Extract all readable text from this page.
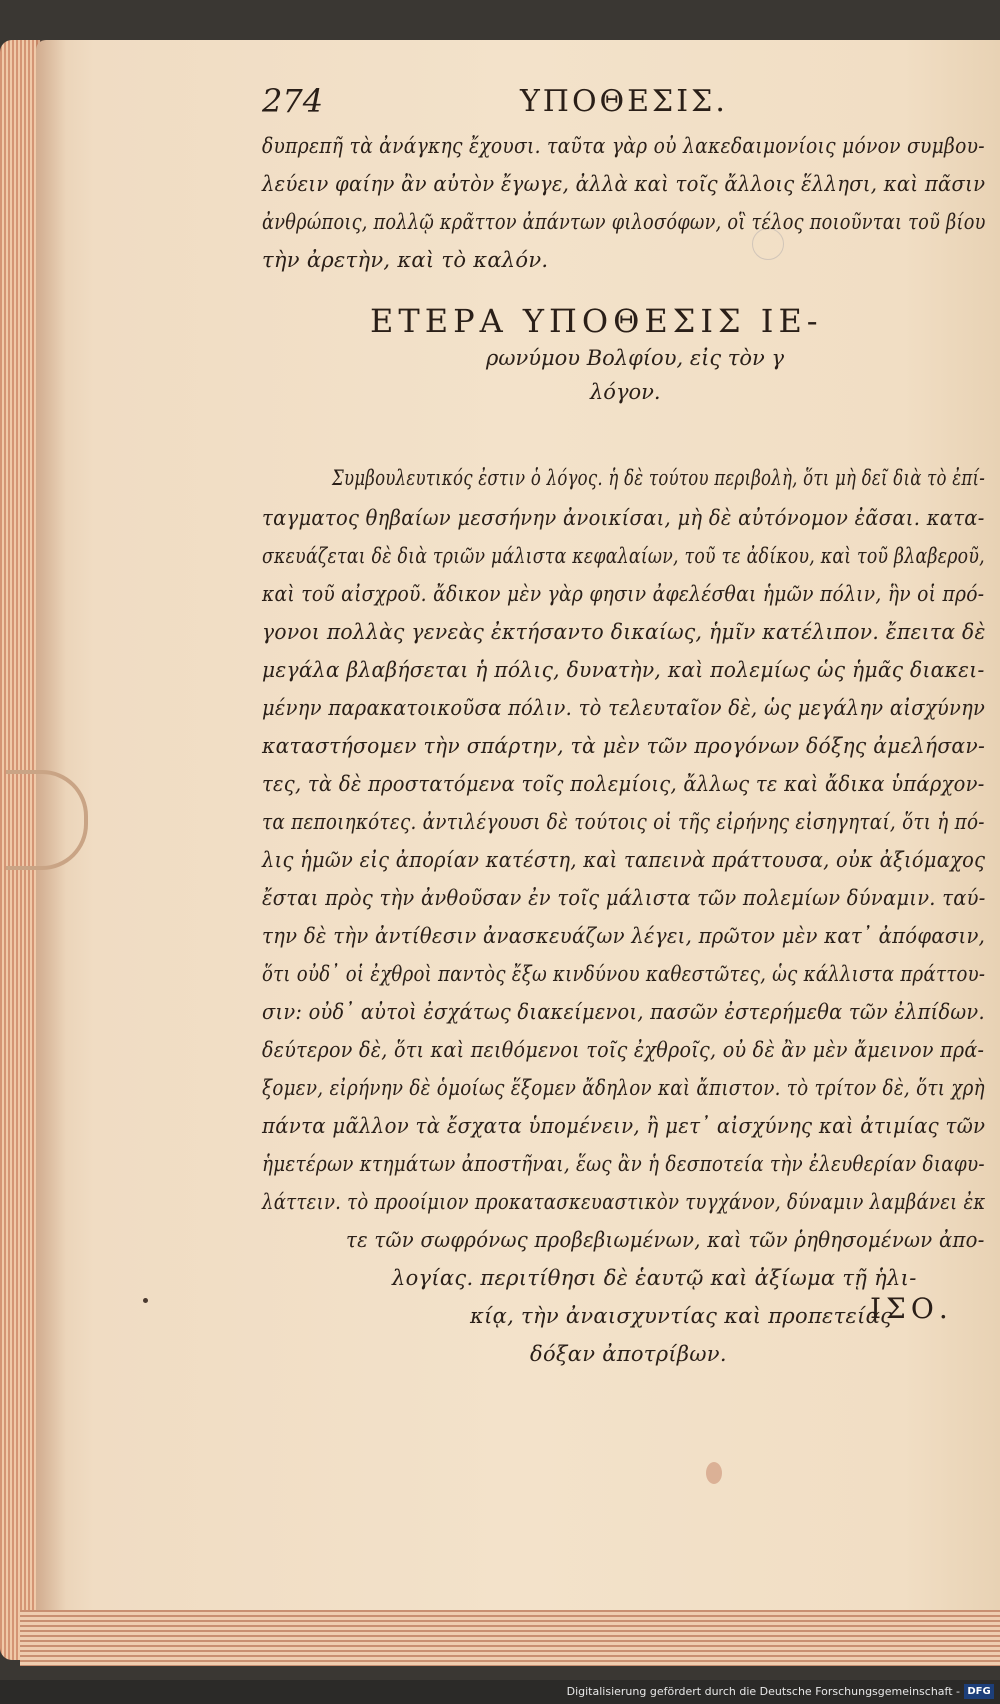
274	ΥΠΟΘΕΣΙΣ.
δυπρεπῆ τὰ ἀνάγκης ἔχουσι. ταῦτα γὰρ οὐ λακεδαιμονίοις μόνον συμβου-
λεύειν φαίην ἂν αὐτὸν ἔγωγε, ἀλλὰ καὶ τοῖς ἄλλοις ἕλλησι, καὶ πᾶσιν
ἀνθρώποις, πολλῷ κρᾶττον ἀπάντων φιλοσόφων, οἳ τέλος ποιοῦνται τοῦ βίου
τὴν ἀρετὴν, καὶ τὸ καλόν.
ΕΤΕΡΑ ΥΠΟΘΕΣΙΣ ΙΕ-
ρωνύμου Βολφίου, εἰς τὸν γ
λόγον.
Συμβουλευτικός ἐστιν ὁ λόγος. ἡ δὲ τούτου περιβολὴ, ὅτι μὴ δεῖ διὰ τὸ ἐπί-
ταγματος θηβαίων μεσσήνην ἀνοικίσαι, μὴ δὲ αὐτόνομον ἐᾶσαι. κατα-
σκευάζεται δὲ διὰ τριῶν μάλιστα κεφαλαίων, τοῦ τε ἀδίκου, καὶ τοῦ βλαβεροῦ,
καὶ τοῦ αἰσχροῦ. ἄδικον μὲν γὰρ φησιν ἀφελέσθαι ἡμῶν πόλιν, ἣν οἱ πρό-
γονοι πολλὰς γενεὰς ἐκτήσαντο δικαίως, ἡμῖν κατέλιπον. ἔπειτα δὲ
μεγάλα βλαβήσεται ἡ πόλις, δυνατὴν, καὶ πολεμίως ὡς ἡμᾶς διακει-
μένην παρακατοικοῦσα πόλιν. τὸ τελευταῖον δὲ, ὡς μεγάλην αἰσχύνην
καταστήσομεν τὴν σπάρτην, τὰ μὲν τῶν προγόνων δόξης ἀμελήσαν-
τες, τὰ δὲ προστατόμενα τοῖς πολεμίοις, ἄλλως τε καὶ ἄδικα ὑπάρχον-
τα πεποιηκότες. ἀντιλέγουσι δὲ τούτοις οἱ τῆς εἰρήνης εἰσηγηταί, ὅτι ἡ πό-
λις ἡμῶν εἰς ἀπορίαν κατέστη, καὶ ταπεινὰ πράττουσα, οὐκ ἀξιόμαχος
ἔσται πρὸς τὴν ἀνθοῦσαν ἐν τοῖς μάλιστα τῶν πολεμίων δύναμιν. ταύ-
την δὲ τὴν ἀντίθεσιν ἀνασκευάζων λέγει, πρῶτον μὲν κατ᾽ ἀπόφασιν,
ὅτι οὐδ᾽ οἱ ἐχθροὶ παντὸς ἔξω κινδύνου καθεστῶτες, ὡς κάλλιστα πράττου-
σιν: οὐδ᾽ αὐτοὶ ἐσχάτως διακείμενοι, πασῶν ἐστερήμεθα τῶν ἐλπίδων.
δεύτερον δὲ, ὅτι καὶ πειθόμενοι τοῖς ἐχθροῖς, οὐ δὲ ἂν μὲν ἄμεινον πρά-
ξομεν, εἰρήνην δὲ ὁμοίως ἕξομεν ἄδηλον καὶ ἄπιστον. τὸ τρίτον δὲ, ὅτι χρὴ
πάντα μᾶλλον τὰ ἔσχατα ὑπομένειν, ἢ μετ᾽ αἰσχύνης καὶ ἀτιμίας τῶν
ἡμετέρων κτημάτων ἀποστῆναι, ἕως ἂν ἡ δεσποτεία τὴν ἐλευθερίαν διαφυ-
λάττειν. τὸ προοίμιον προκατασκευαστικὸν τυγχάνον, δύναμιν λαμβάνει ἐκ
τε τῶν σωφρόνως προβεβιωμένων, καὶ τῶν ῥηθησομένων ἀπο-
λογίας. περιτίθησι δὲ ἑαυτῷ καὶ ἀξίωμα τῇ ἡλι-
κίᾳ, τὴν ἀναισχυντίας καὶ προπετείας
δόξαν ἀποτρίβων.
ΙΣΟ.
Digitalisierung gefördert durch die Deutsche Forschungsgemeinschaft - DFG
